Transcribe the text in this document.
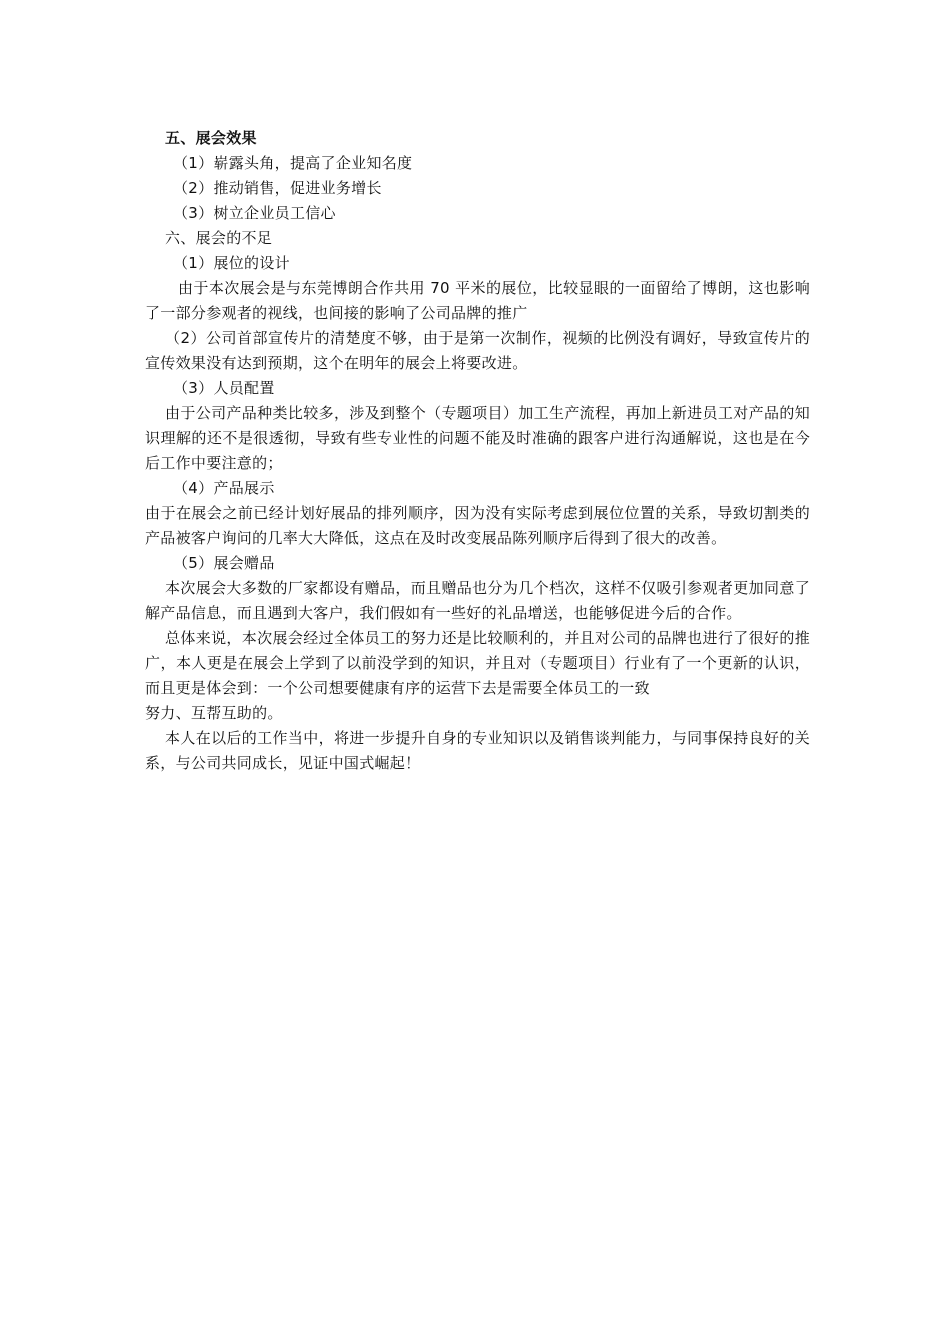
五、展会效果
（1）崭露头角，提高了企业知名度
（2）推动销售，促进业务增长
（3）树立企业员工信心
六、展会的不足
（1）展位的设计
由于本次展会是与东莞博朗合作共用 70 平米的展位，比较显眼的一面留给了博朗，这也影响了一部分参观者的视线，也间接的影响了公司品牌的推广
（2）公司首部宣传片的清楚度不够，由于是第一次制作，视频的比例没有调好，导致宣传片的宣传效果没有达到预期，这个在明年的展会上将要改进。
（3）人员配置
由于公司产品种类比较多，涉及到整个（专题项目）加工生产流程，再加上新进员工对产品的知识理解的还不是很透彻，导致有些专业性的问题不能及时准确的跟客户进行沟通解说，这也是在今后工作中要注意的；
（4）产品展示
由于在展会之前已经计划好展品的排列顺序，因为没有实际考虑到展位位置的关系，导致切割类的产品被客户询问的几率大大降低，这点在及时改变展品陈列顺序后得到了很大的改善。
（5）展会赠品
本次展会大多数的厂家都设有赠品，而且赠品也分为几个档次，这样不仅吸引参观者更加同意了解产品信息，而且遇到大客户，我们假如有一些好的礼品增送，也能够促进今后的合作。
总体来说，本次展会经过全体员工的努力还是比较顺利的，并且对公司的品牌也进行了很好的推广，本人更是在展会上学到了以前没学到的知识，并且对（专题项目）行业有了一个更新的认识，而且更是体会到：一个公司想要健康有序的运营下去是需要全体员工的一致
努力、互帮互助的。
本人在以后的工作当中，将进一步提升自身的专业知识以及销售谈判能力，与同事保持良好的关系，与公司共同成长，见证中国式崛起！
